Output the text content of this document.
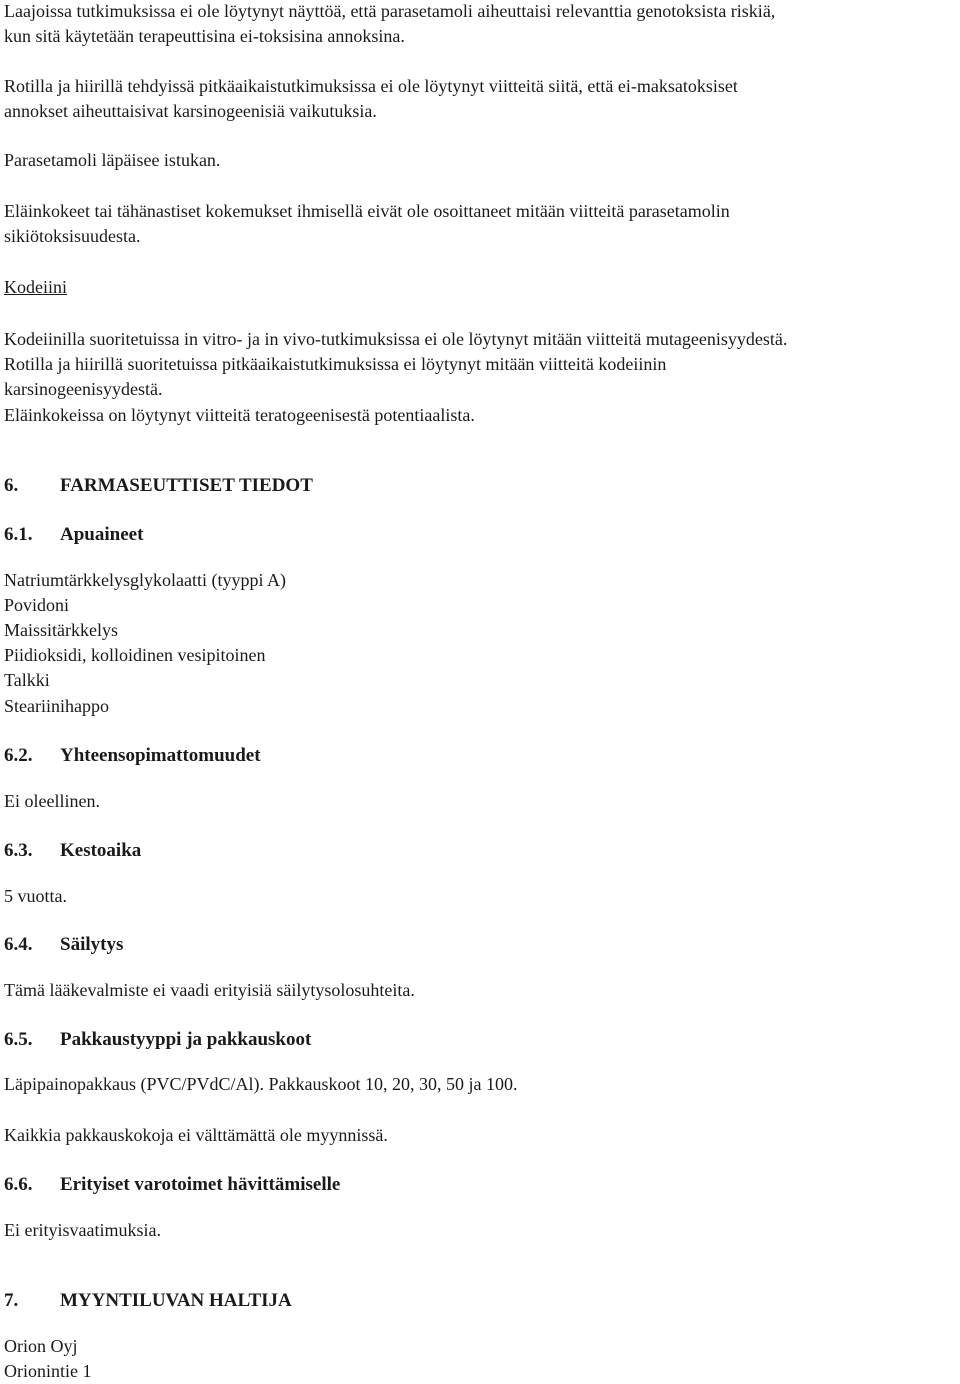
Laajoissa tutkimuksissa ei ole löytynyt näyttöä, että parasetamoli aiheuttaisi relevanttia genotoksista riskiä,

kun sitä käytetään terapeuttisina ei-toksisina annoksina.

Rotilla ja hiirillä tehdyissä pitkäaikaistutkimuksissa ei ole löytynyt viitteitä siitä, että ei-maksatoksiset

annokset aiheuttaisivat karsinogeenisiä vaikutuksia.

Parasetamoli läpäisee istukan.

Eläinkokeet tai tähänastiset kokemukset ihmisellä eivät ole osoittaneet mitään viitteitä parasetamolin

sikiötoksisuudesta.

Kodeiini

Kodeiinilla suoritetuissa in vitro- ja in vivo-tutkimuksissa ei ole löytynyt mitään viitteitä mutageenisyydestä.

Rotilla ja hiirillä suoritetuissa pitkäaikaistutkimuksissa ei löytynyt mitään viitteitä kodeiinin

karsinogeenisyydestä.

Eläinkokeissa on löytynyt viitteitä teratogeenisestä potentiaalista.

6. FARMASEUTTISET TIEDOT

6.1. Apuaineet

Natriumtärkkelysglykolaatti (tyyppi A)

Povidoni

Maissitärkkelys

Piidioksidi, kolloidinen vesipitoinen

Talkki

Steariinihappo

6.2. Yhteensopimattomuudet

Ei oleellinen.

6.3. Kestoaika

5 vuotta.

6.4. Säilytys

Tämä lääkevalmiste ei vaadi erityisiä säilytysolosuhteita.

6.5. Pakkaustyyppi ja pakkauskoot

Läpipainopakkaus (PVC/PVdC/Al). Pakkauskoot 10, 20, 30, 50 ja 100.

Kaikkia pakkauskokoja ei välttämättä ole myynnissä.

6.6. Erityiset varotoimet hävittämiselle

Ei erityisvaatimuksia.

7. MYYNTILUVAN HALTIJA

Orion Oyj

Orionintie 1
